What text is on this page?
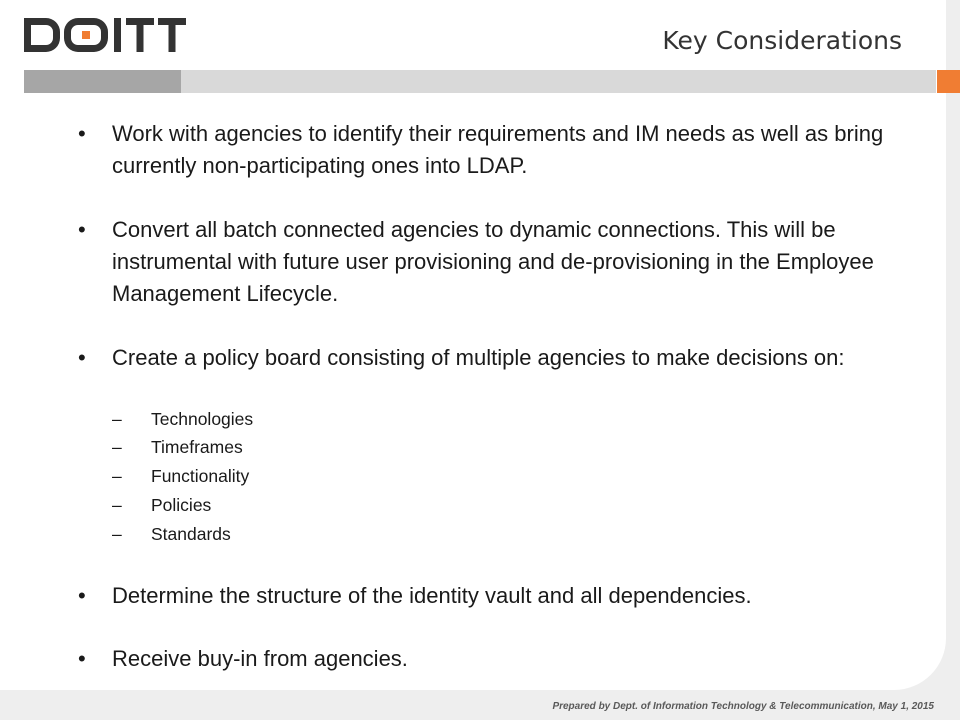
Key Considerations
• Work with agencies to identify their requirements and IM needs as well as bring currently non-participating ones into LDAP.
• Convert all batch connected agencies to dynamic connections. This will be instrumental with future user provisioning and de-provisioning in the Employee Management Lifecycle.
• Create a policy board consisting of multiple agencies to make decisions on:
– Technologies
– Timeframes
– Functionality
– Policies
– Standards
• Determine the structure of the identity vault and all dependencies.
• Receive buy-in from agencies.
Prepared by Dept. of Information Technology & Telecommunication, May 1, 2015
